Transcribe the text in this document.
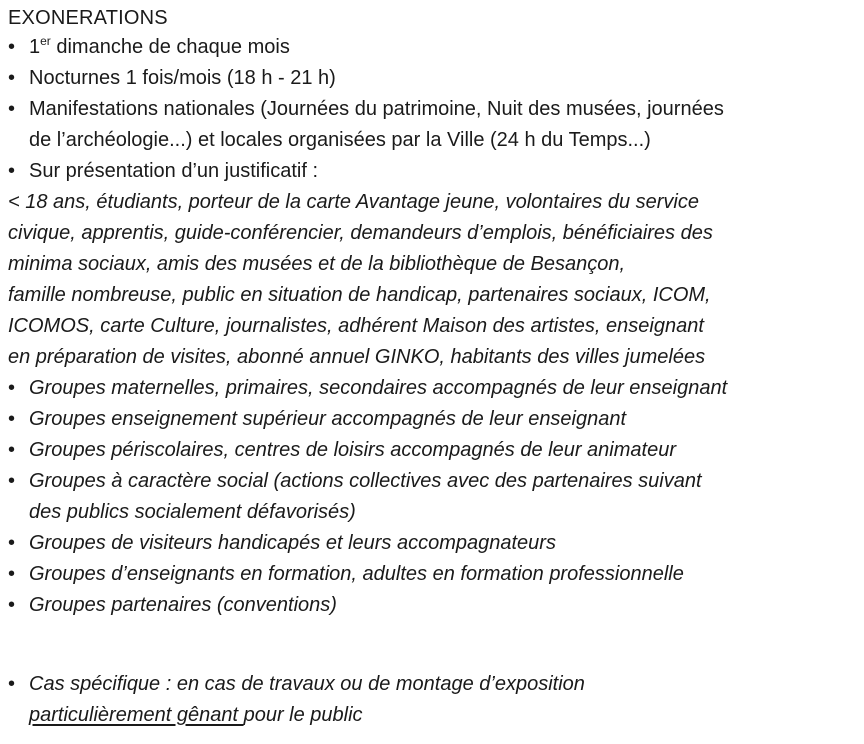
EXONERATIONS
• 1er dimanche de chaque mois
• Nocturnes 1 fois/mois (18 h - 21 h)
• Manifestations nationales (Journées du patrimoine, Nuit des musées, journées
de l’archéologie...) et locales organisées par la Ville (24 h du Temps...)
• Sur présentation d’un justificatif :
< 18 ans, étudiants, porteur de la carte Avantage jeune, volontaires du service
civique, apprentis, guide-conférencier, demandeurs d’emplois, bénéficiaires des
minima sociaux, amis des musées et de la bibliothèque de Besançon,
famille nombreuse, public en situation de handicap, partenaires sociaux, ICOM,
ICOMOS, carte Culture, journalistes, adhérent Maison des artistes, enseignant
en préparation de visites, abonné annuel GINKO, habitants des villes jumelées
• Groupes maternelles, primaires, secondaires accompagnés de leur enseignant
• Groupes enseignement supérieur accompagnés de leur enseignant
• Groupes périscolaires, centres de loisirs accompagnés de leur animateur
• Groupes à caractère social (actions collectives avec des partenaires suivant
des publics socialement défavorisés)
• Groupes de visiteurs handicapés et leurs accompagnateurs
• Groupes d’enseignants en formation, adultes en formation professionnelle
• Groupes partenaires (conventions)
• Cas spécifique : en cas de travaux ou de montage d’exposition
particulièrement gênant pour le public
